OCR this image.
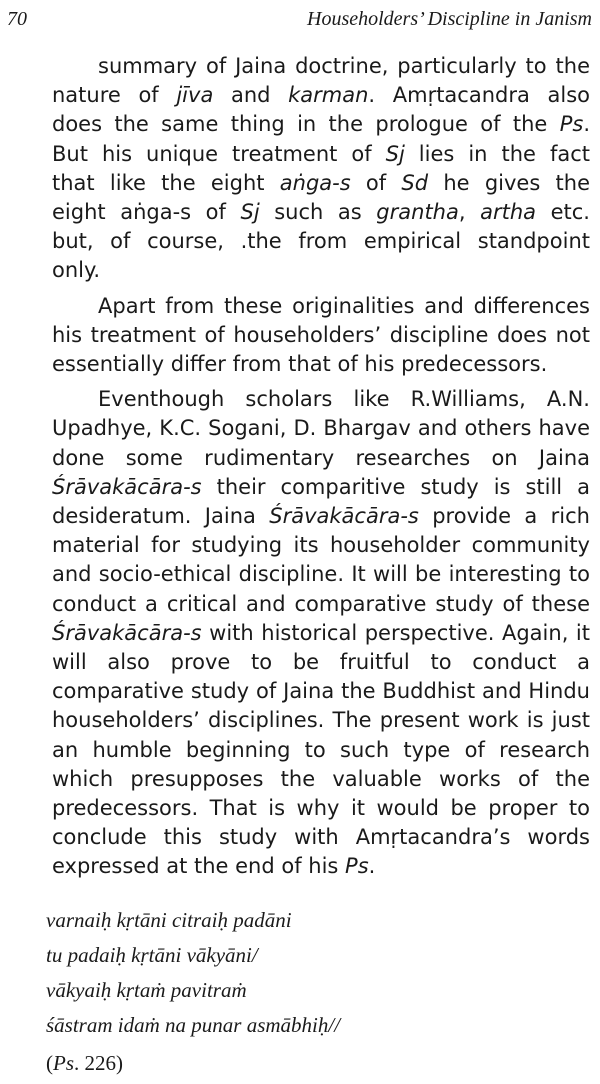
70	Householders’ Discipline in Janism
summary of Jaina doctrine, particularly to the
nature of jīva and karman. Amṛtacandra also
does the same thing in the prologue of the Ps.
But his unique treatment of Sj lies in the fact
that like the eight aṅga-s of Sd he gives the
eight aṅga-s of Sj such as grantha, artha etc.
but, of course, .the from empirical standpoint
only.
Apart from these originalities and differences
his treatment of householders’ discipline does not
essentially differ from that of his predecessors.
Eventhough scholars like R.Williams, A.N.
Upadhye, K.C. Sogani, D. Bhargav and others have
done some rudimentary researches on Jaina
Śrāvakācāra-s their comparitive study is still a
desideratum. Jaina Śrāvakācāra-s provide a rich
material for studying its householder community
and socio-ethical discipline. It will be interesting to
conduct a critical and comparative study of these
Śrāvakācāra-s with historical perspective. Again, it
will also prove to be fruitful to conduct a
comparative study of Jaina the Buddhist and Hindu
householders’ disciplines. The present work is just
an humble beginning to such type of research
which presupposes the valuable works of the
predecessors. That is why it would be proper to
conclude this study with Amṛtacandra’s words
expressed at the end of his Ps.
varnaiḥ kṛtāni citraiḥ padāni
tu padaiḥ kṛtāni vākyāni/
vākyaiḥ kṛtaṁ pavitraṁ
śāstram idaṁ na punar asmābhiḥ//
(Ps. 226)
